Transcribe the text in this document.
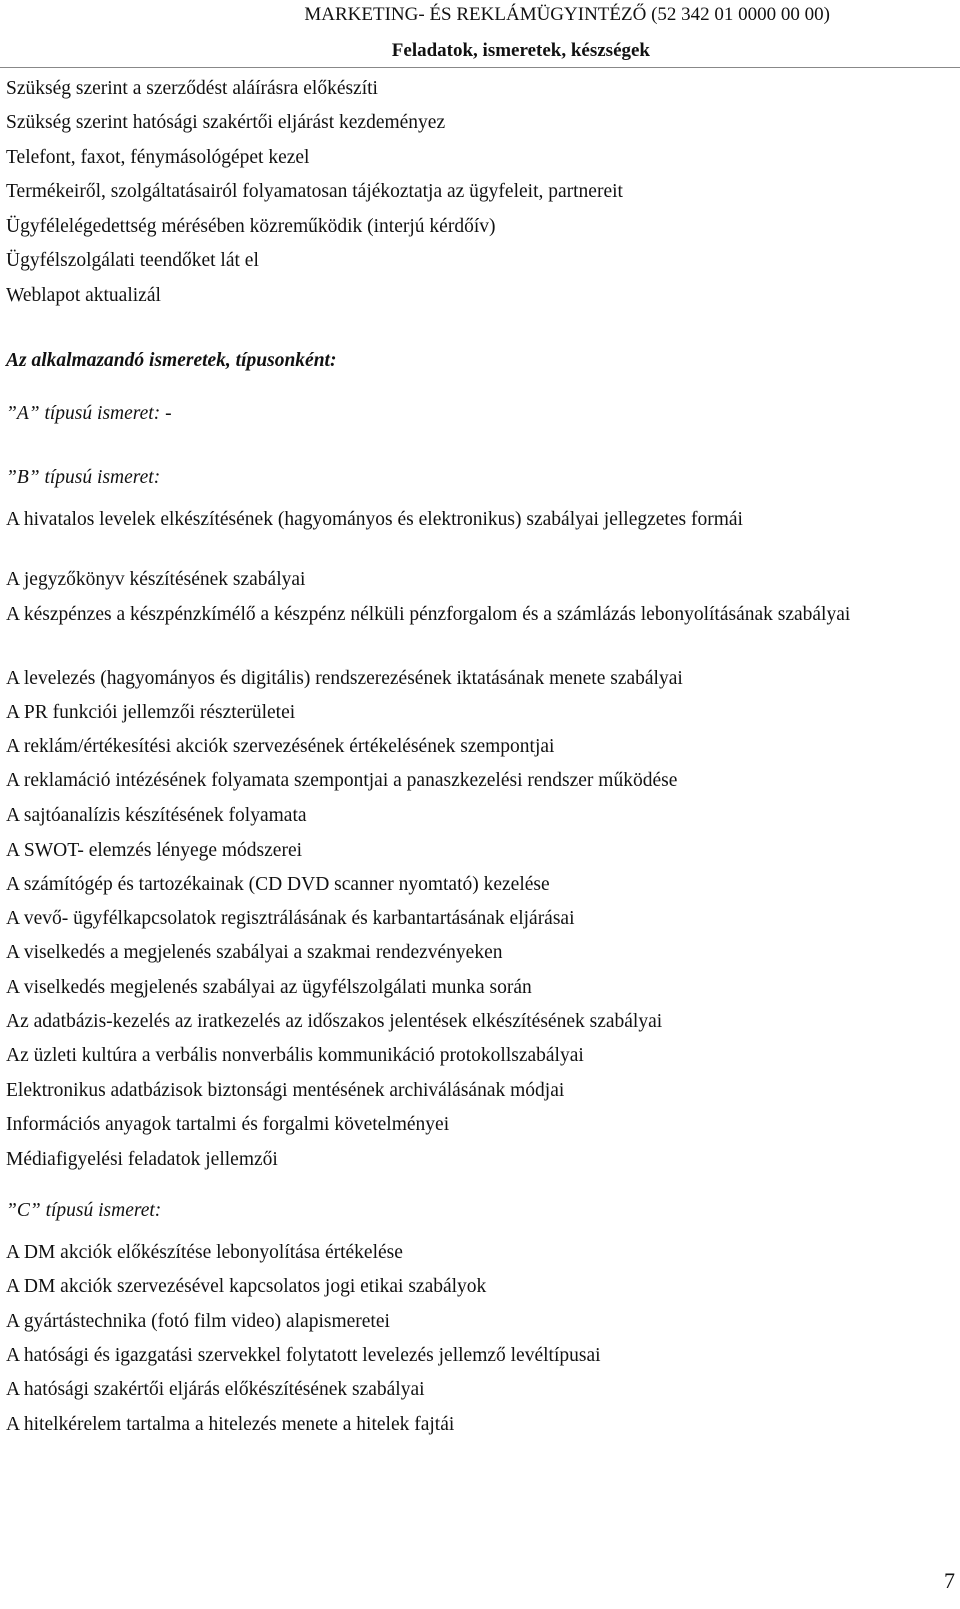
MARKETING- ÉS REKLÁMÜGYINTÉZŐ (52 342 01 0000 00 00)
Feladatok, ismeretek, készségek
Szükség szerint a szerződést aláírásra előkészíti
Szükség szerint hatósági szakértői eljárást kezdeményez
Telefont, faxot, fénymásológépet kezel
Termékeiről, szolgáltatásairól folyamatosan tájékoztatja az ügyfeleit, partnereit
Ügyfélelégedettség mérésében közreműködik (interjú kérdőív)
Ügyfélszolgálati teendőket lát el
Weblapot aktualizál
Az alkalmazandó ismeretek, típusonként:
”A” típusú ismeret: -
”B” típusú ismeret:
A hivatalos levelek elkészítésének (hagyományos és elektronikus) szabályai jellegzetes formái
A jegyzőkönyv készítésének szabályai
A készpénzes a készpénzkímélő a készpénz nélküli pénzforgalom és a számlázás lebonyolításának szabályai
A levelezés (hagyományos és digitális) rendszerezésének iktatásának menete szabályai
A PR funkciói jellemzői részterületei
A reklám/értékesítési akciók szervezésének értékelésének szempontjai
A reklamáció intézésének folyamata szempontjai a panaszkezelési rendszer működése
A sajtóanalízis készítésének folyamata
A SWOT- elemzés lényege módszerei
A számítógép és tartozékainak (CD DVD scanner nyomtató) kezelése
A vevő- ügyfélkapcsolatok regisztrálásának és karbantartásának eljárásai
A viselkedés a megjelenés szabályai a szakmai rendezvényeken
A viselkedés megjelenés szabályai az ügyfélszolgálati munka során
Az adatbázis-kezelés az iratkezelés az időszakos jelentések elkészítésének szabályai
Az üzleti kultúra a verbális nonverbális kommunikáció protokollszabályai
Elektronikus adatbázisok biztonsági mentésének archiválásának módjai
Információs anyagok tartalmi és forgalmi követelményei
Médiafigyelési feladatok jellemzői
”C” típusú ismeret:
A DM akciók előkészítése lebonyolítása értékelése
A DM akciók szervezésével kapcsolatos jogi etikai szabályok
A gyártástechnika (fotó film video) alapismeretei
A hatósági és igazgatási szervekkel folytatott levelezés jellemző levéltípusai
A hatósági szakértői eljárás előkészítésének szabályai
A hitelkérelem tartalma a hitelezés menete a hitelek fajtái
7
